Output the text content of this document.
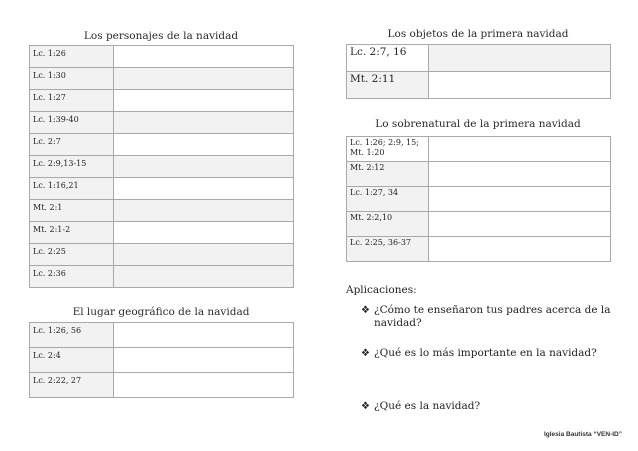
Los personajes de la navidad
Lc. 1:26	
Lc. 1:30	
Lc. 1:27	
Lc. 1:39-40	
Lc. 2:7	
Lc. 2:9,13-15	
Lc. 1:16,21	
Mt. 2:1	
Mt. 2:1-2	
Lc. 2:25	
Lc. 2:36	
El lugar geográfico de la navidad
Lc. 1:26, 56	
Lc. 2:4	
Lc. 2:22, 27	
Los objetos de la primera navidad
Lc. 2:7, 16	
Mt. 2:11	
Lo sobrenatural de la primera navidad
Lc. 1:26; 2:9, 15; Mt. 1:20	
Mt. 2:12	
Lc. 1:27, 34	
Mt. 2:2,10	
Lc. 2:25, 36-37	
Aplicaciones:
❖ ¿Cómo te enseñaron tus padres acerca de la navidad?
❖ ¿Qué es lo más importante en la navidad?
❖ ¿Qué es la navidad?
Iglesia Bautista “VEN-ID”
